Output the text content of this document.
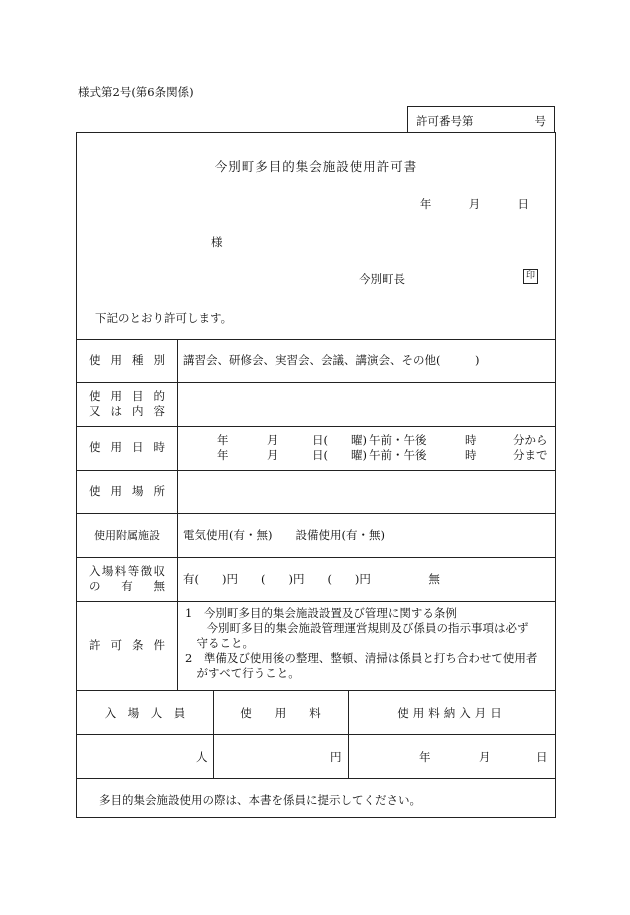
様式第2号(第6条関係)
許可番号第	号
今別町多目的集会施設使用許可書
年	月	日
様
今別町長	印
下記のとおり許可します。
使用種別	講習会、研修会、実習会、会議、講演会、その他(　　　)
使用目的
又は内容
使用日時	年	月	日(　　曜) 午前・午後	時	分から
年	月	日(　　曜) 午前・午後	時	分まで
使用場所
使用附属施設	電気使用(有・無)　　設備使用(有・無)
入場料等徴収
の　有　無	有(　　)円　　(　　)円　　(　　)円　　　　　無
許可条件
1　今別町多目的集会施設設置及び管理に関する条例
　今別町多目的集会施設管理運営規則及び係員の指示事項は必ず
　守ること。
2　準備及び使用後の整理、整頓、清掃は係員と打ち合わせて使用者
　がすべて行うこと。
入　場　人　員	使　　用　　料	使用料納入月日
人	円	年	月	日
多目的集会施設使用の際は、本書を係員に提示してください。
